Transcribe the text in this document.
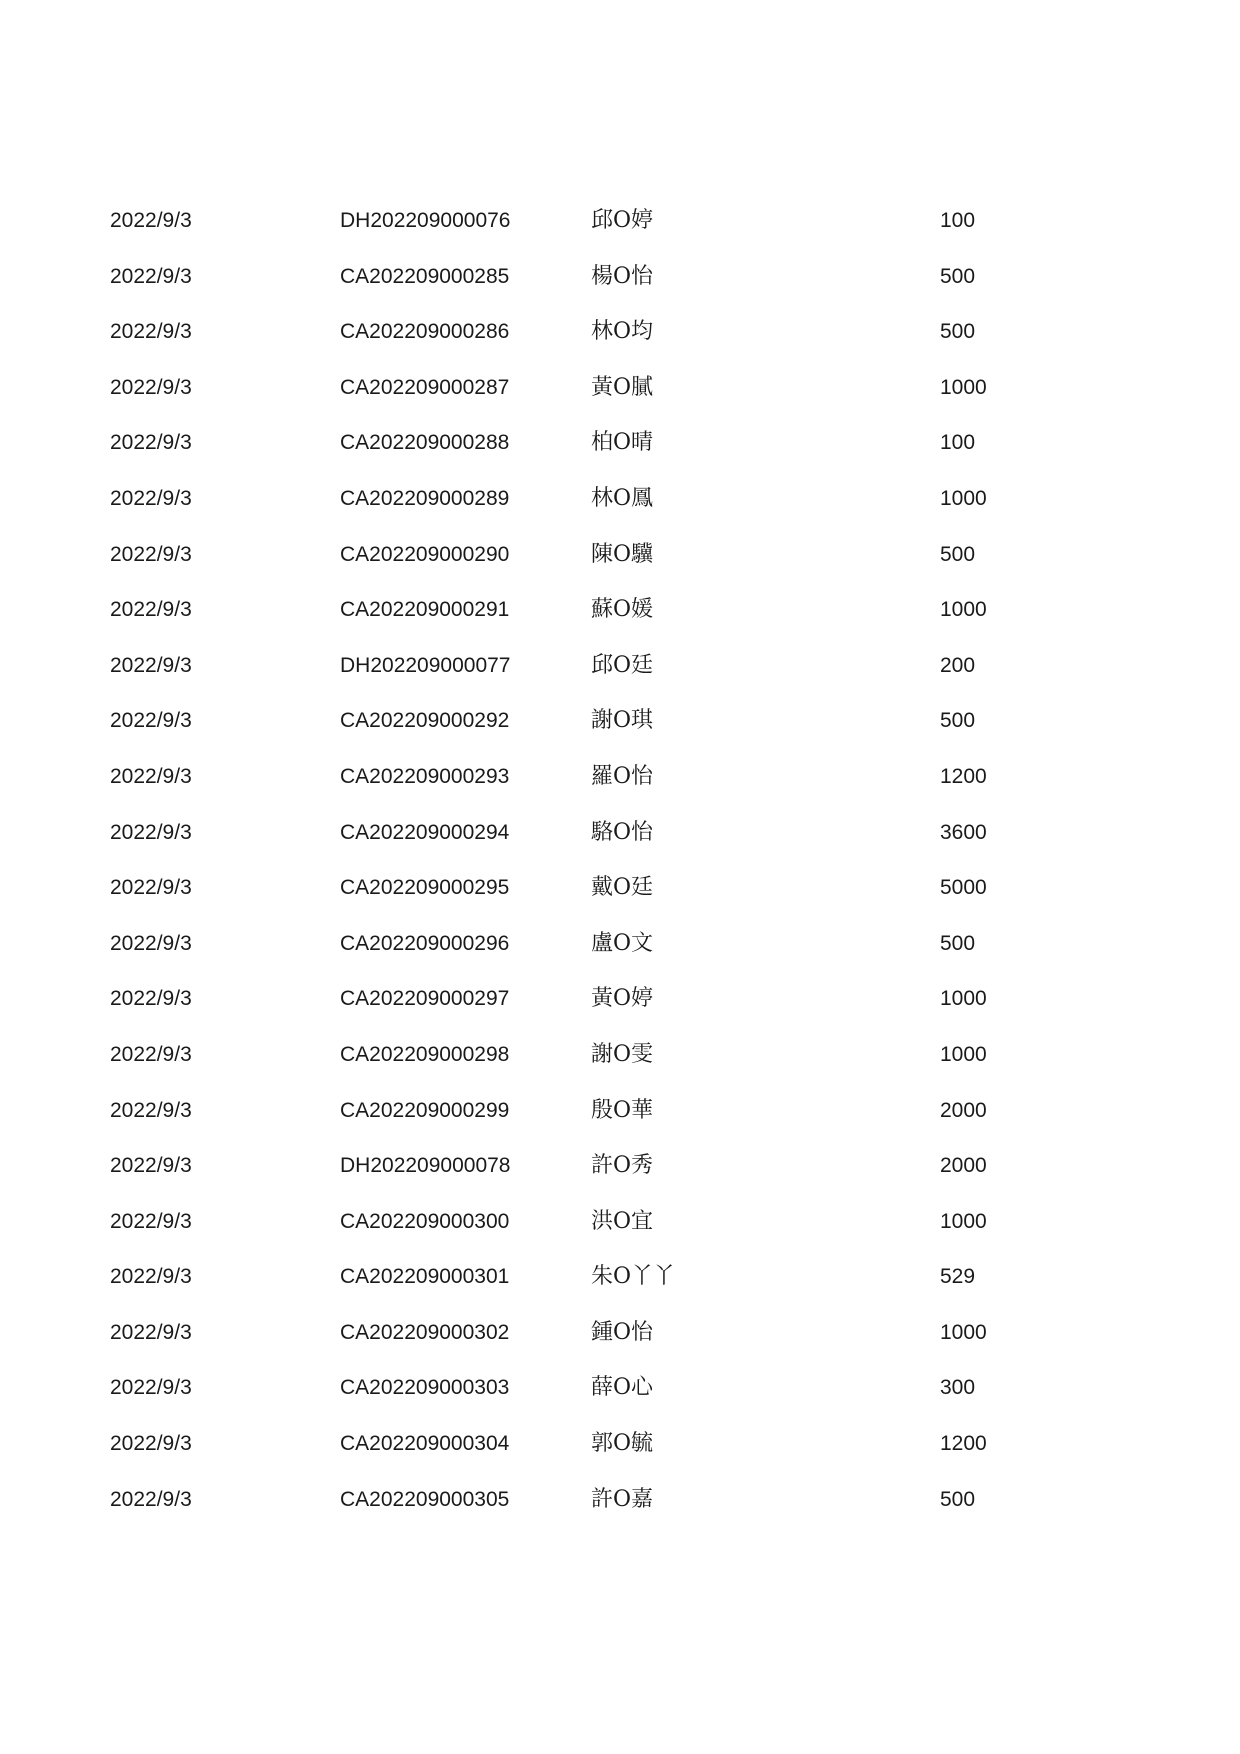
2022/9/3	DH202209000076	邱O婷	100
2022/9/3	CA202209000285	楊O怡	500
2022/9/3	CA202209000286	林O均	500
2022/9/3	CA202209000287	黃O膩	1000
2022/9/3	CA202209000288	柏O晴	100
2022/9/3	CA202209000289	林O鳳	1000
2022/9/3	CA202209000290	陳O驥	500
2022/9/3	CA202209000291	蘇O媛	1000
2022/9/3	DH202209000077	邱O廷	200
2022/9/3	CA202209000292	謝O琪	500
2022/9/3	CA202209000293	羅O怡	1200
2022/9/3	CA202209000294	駱O怡	3600
2022/9/3	CA202209000295	戴O廷	5000
2022/9/3	CA202209000296	盧O文	500
2022/9/3	CA202209000297	黃O婷	1000
2022/9/3	CA202209000298	謝O雯	1000
2022/9/3	CA202209000299	殷O華	2000
2022/9/3	DH202209000078	許O秀	2000
2022/9/3	CA202209000300	洪O宜	1000
2022/9/3	CA202209000301	朱O丫丫	529
2022/9/3	CA202209000302	鍾O怡	1000
2022/9/3	CA202209000303	薛O心	300
2022/9/3	CA202209000304	郭O毓	1200
2022/9/3	CA202209000305	許O嘉	500
